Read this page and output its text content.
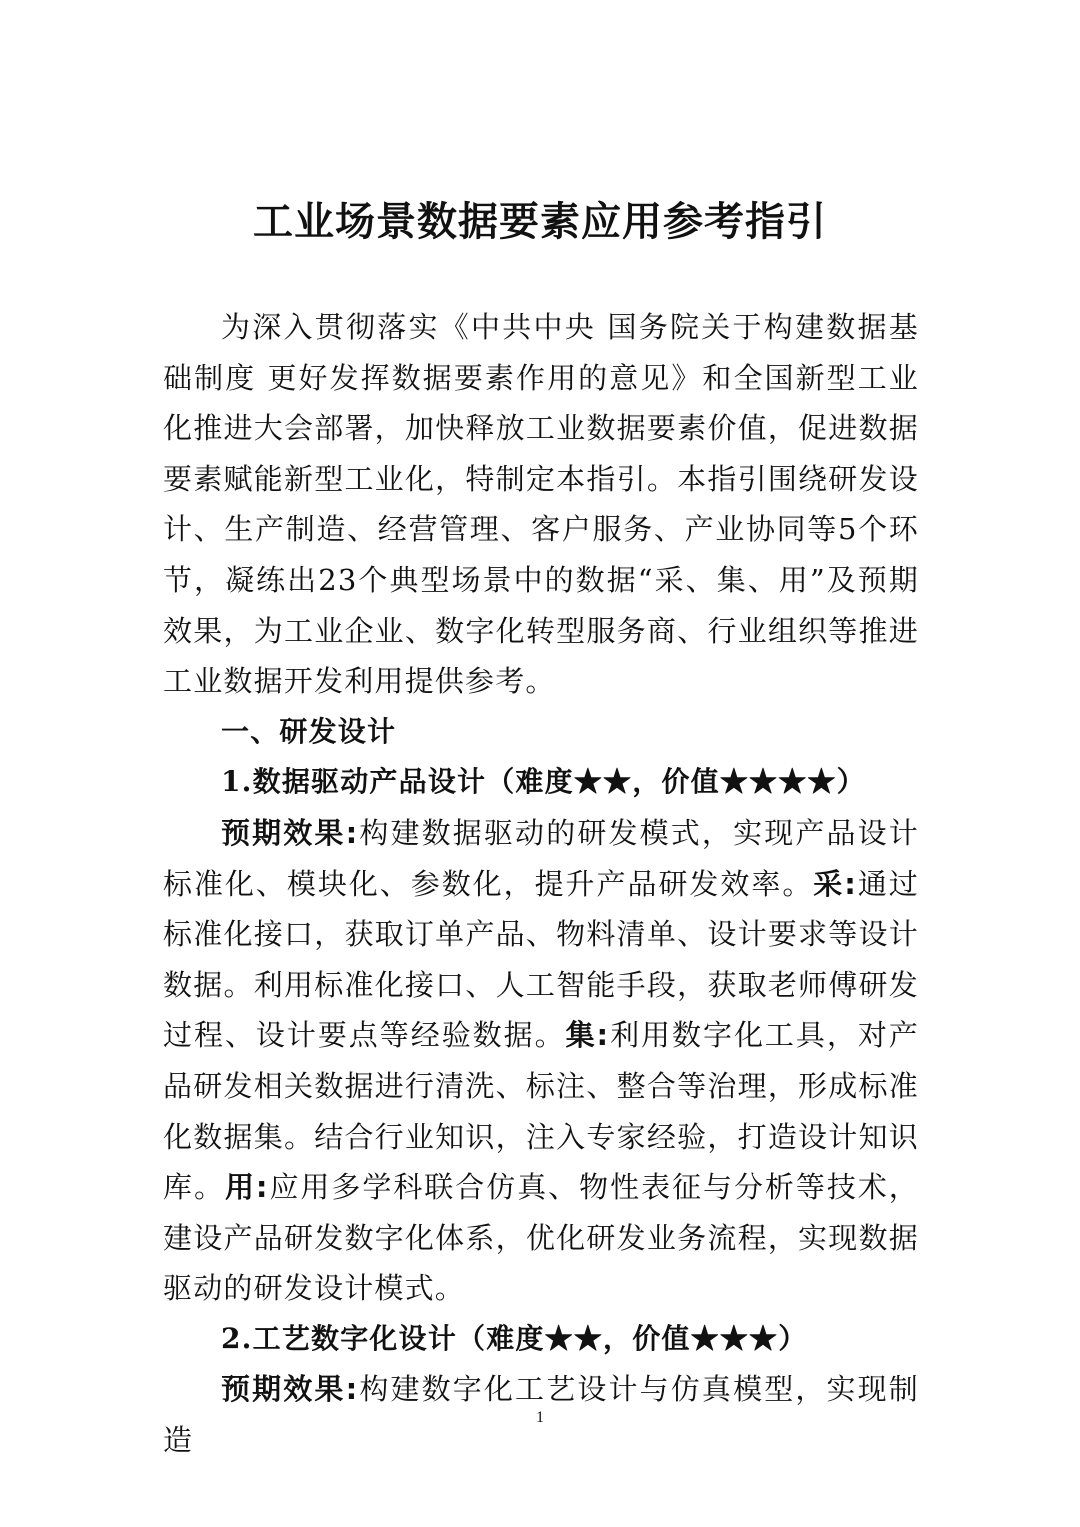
工业场景数据要素应用参考指引

为深入贯彻落实《中共中央 国务院关于构建数据基础制度 更好发挥数据要素作用的意见》和全国新型工业化推进大会部署，加快释放工业数据要素价值，促进数据要素赋能新型工业化，特制定本指引。本指引围绕研发设计、生产制造、经营管理、客户服务、产业协同等5个环节，凝练出23个典型场景中的数据“采、集、用”及预期效果，为工业企业、数字化转型服务商、行业组织等推进工业数据开发利用提供参考。

一、研发设计

1.数据驱动产品设计（难度★★，价值★★★★）

预期效果:构建数据驱动的研发模式，实现产品设计标准化、模块化、参数化，提升产品研发效率。采:通过标准化接口，获取订单产品、物料清单、设计要求等设计数据。利用标准化接口、人工智能手段，获取老师傅研发过程、设计要点等经验数据。集:利用数字化工具，对产品研发相关数据进行清洗、标注、整合等治理，形成标准化数据集。结合行业知识，注入专家经验，打造设计知识库。用:应用多学科联合仿真、物性表征与分析等技术，建设产品研发数字化体系，优化研发业务流程，实现数据驱动的研发设计模式。

2.工艺数字化设计（难度★★，价值★★★）

预期效果:构建数字化工艺设计与仿真模型，实现制造

1
